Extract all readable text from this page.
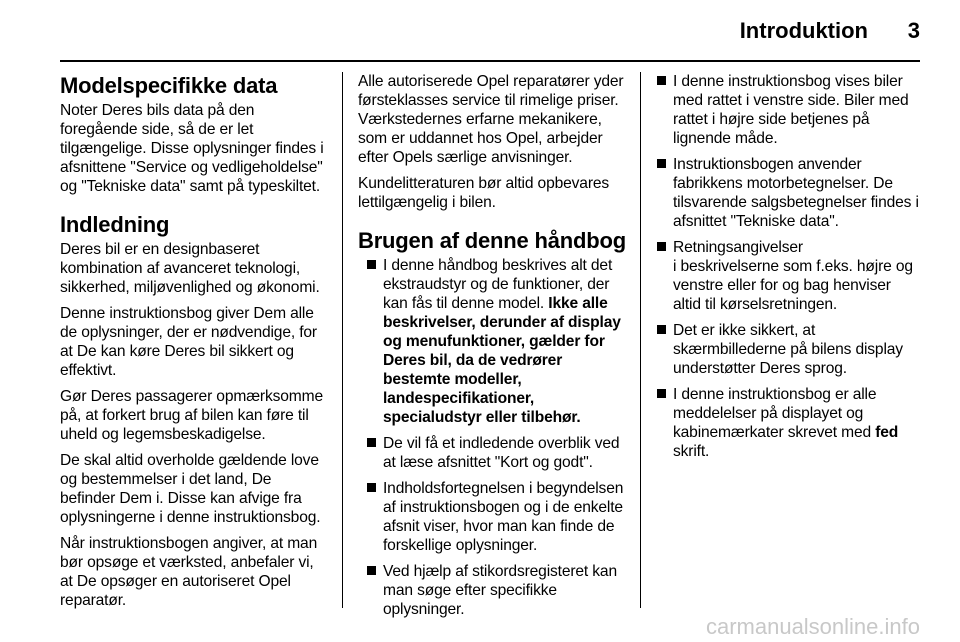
Introduktion 3
Modelspecifikke data

Noter Deres bils data på den foregående side, så de er let tilgængelige. Disse oplysninger findes i afsnittene "Service og vedligeholdelse" og "Tekniske data" samt på typeskiltet.

Indledning

Deres bil er en designbaseret kombination af avanceret teknologi, sikkerhed, miljøvenlighed og økonomi.

Denne instruktionsbog giver Dem alle de oplysninger, der er nødvendige, for at De kan køre Deres bil sikkert og effektivt.

Gør Deres passagerer opmærksomme på, at forkert brug af bilen kan føre til uheld og legemsbeskadigelse.

De skal altid overholde gældende love og bestemmelser i det land, De befinder Dem i. Disse kan afvige fra oplysningerne i denne instruktionsbog.

Når instruktionsbogen angiver, at man bør opsøge et værksted, anbefaler vi, at De opsøger en autoriseret Opel reparatør.

Alle autoriserede Opel reparatører yder førsteklasses service til rimelige priser. Værkstedernes erfarne mekanikere, som er uddannet hos Opel, arbejder efter Opels særlige anvisninger.

Kundelitteraturen bør altid opbevares lettilgængelig i bilen.

Brugen af denne håndbog
I denne håndbog beskrives alt det ekstraudstyr og de funktioner, der kan fås til denne model. Ikke alle beskrivelser, derunder af display og menufunktioner, gælder for Deres bil, da de vedrører bestemte modeller, landespecifikationer, specialudstyr eller tilbehør.
De vil få et indledende overblik ved at læse afsnittet "Kort og godt".
Indholdsfortegnelsen i begyndelsen af instruktionsbogen og i de enkelte afsnit viser, hvor man kan finde de forskellige oplysninger.
Ved hjælp af stikordsregisteret kan man søge efter specifikke oplysninger.
I denne instruktionsbog vises biler med rattet i venstre side. Biler med rattet i højre side betjenes på lignende måde.
Instruktionsbogen anvender fabrikkens motorbetegnelser. De tilsvarende salgsbetegnelser findes i afsnittet "Tekniske data".
Retningsangivelser
i beskrivelserne som f.eks. højre og venstre eller for og bag henviser altid til kørselsretningen.
Det er ikke sikkert, at skærmbillederne på bilens display understøtter Deres sprog.
I denne instruktionsbog er alle meddelelser på displayet og kabinemærkater skrevet med fed skrift.
carmanualsonline.info
